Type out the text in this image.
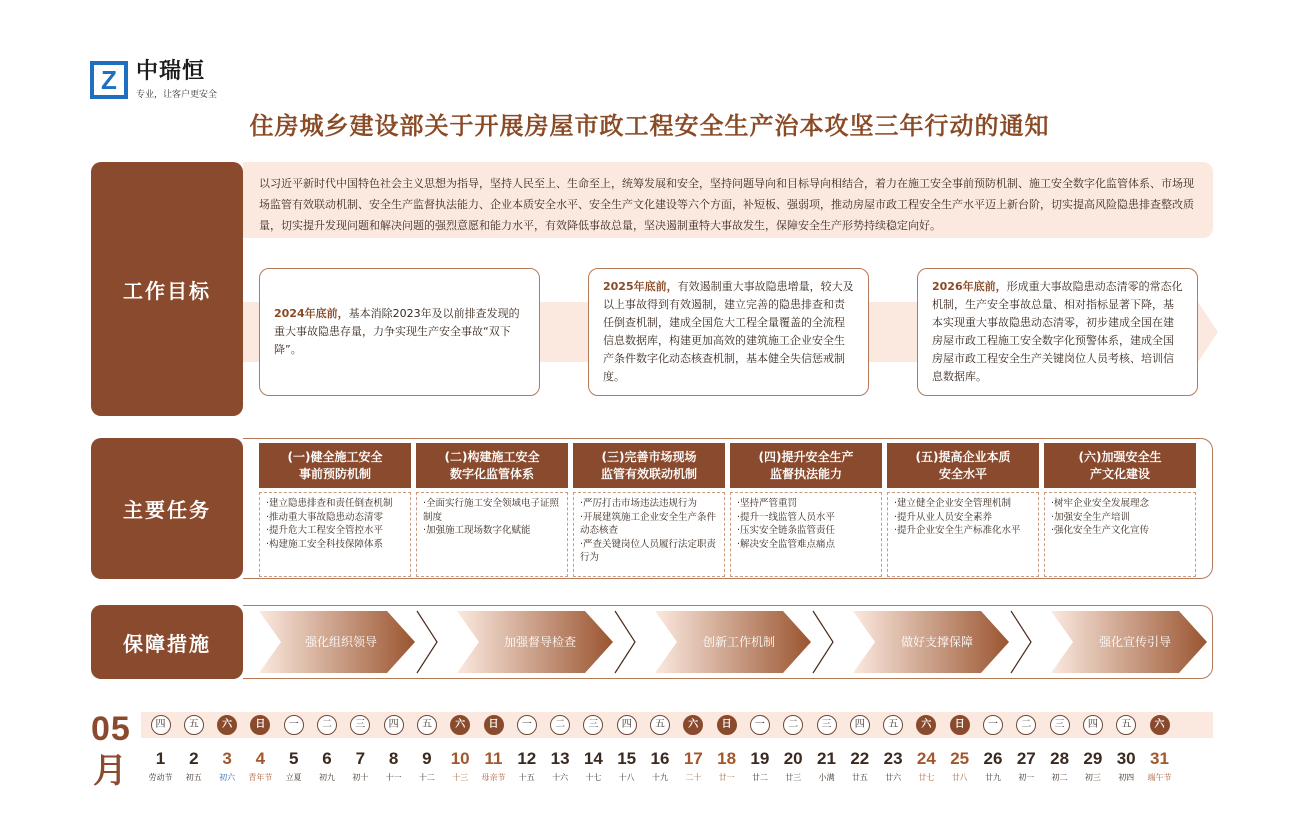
Z 中瑞恒
专业，让客户更安全
住房城乡建设部关于开展房屋市政工程安全生产治本攻坚三年行动的通知
工作目标
以习近平新时代中国特色社会主义思想为指导，坚持人民至上、生命至上，统筹发展和安全，坚持问题导向和目标导向相结合，着力在施工安全事前预防机制、施工安全数字化监管体系、市场现场监管有效联动机制、安全生产监督执法能力、企业本质安全水平、安全生产文化建设等六个方面，补短板、强弱项，推动房屋市政工程安全生产水平迈上新台阶，切实提高风险隐患排查整改质量，切实提升发现问题和解决问题的强烈意愿和能力水平，有效降低事故总量，坚决遏制重特大事故发生，保障安全生产形势持续稳定向好。
2024年底前，基本消除2023年及以前排查发现的重大事故隐患存量，力争实现生产安全事故“双下降”。
2025年底前，有效遏制重大事故隐患增量，较大及以上事故得到有效遏制，建立完善的隐患排查和责任倒查机制，建成全国危大工程全量覆盖的全流程信息数据库，构建更加高效的建筑施工企业安全生产条件数字化动态核查机制，基本健全失信惩戒制度。
2026年底前，形成重大事故隐患动态清零的常态化机制，生产安全事故总量、相对指标显著下降，基本实现重大事故隐患动态清零，初步建成全国在建房屋市政工程施工安全数字化预警体系，建成全国房屋市政工程安全生产关键岗位人员考核、培训信息数据库。
主要任务
(一)健全施工安全
事前预防机制
·建立隐患排查和责任倒查机制
·推动重大事故隐患动态清零
·提升危大工程安全管控水平
·构建施工安全科技保障体系
(二)构建施工安全
数字化监管体系
·全面实行施工安全领域电子证照制度
·加强施工现场数字化赋能
(三)完善市场现场
监管有效联动机制
·严厉打击市场违法违规行为
·开展建筑施工企业安全生产条件动态核查
·严查关键岗位人员履行法定职责行为
(四)提升安全生产
监督执法能力
·坚持严管重罚
·提升一线监管人员水平
·压实安全链条监管责任
·解决安全监管难点痛点
(五)提高企业本质
安全水平
·建立健全企业安全管理机制
·提升从业人员安全素养
·提升企业安全生产标准化水平
(六)加强安全生
产文化建设
·树牢企业安全发展理念
·加强安全生产培训
·强化安全生产文化宣传
保障措施	强化组织领导	加强督导检查	创新工作机制	做好支撑保障	强化宣传引导
05
月
四
1
劳动节
五
2
初五
六
3
初六
日
4
青年节
一
5
立夏
二
6
初九
三
7
初十
四
8
十一
五
9
十二
六
10
十三
日
11
母亲节
一
12
十五
二
13
十六
三
14
十七
四
15
十八
五
16
十九
六
17
二十
日
18
廿一
一
19
廿二
二
20
廿三
三
21
小满
四
22
廿五
五
23
廿六
六
24
廿七
日
25
廿八
一
26
廿九
二
27
初一
三
28
初二
四
29
初三
五
30
初四
六
31
端午节
